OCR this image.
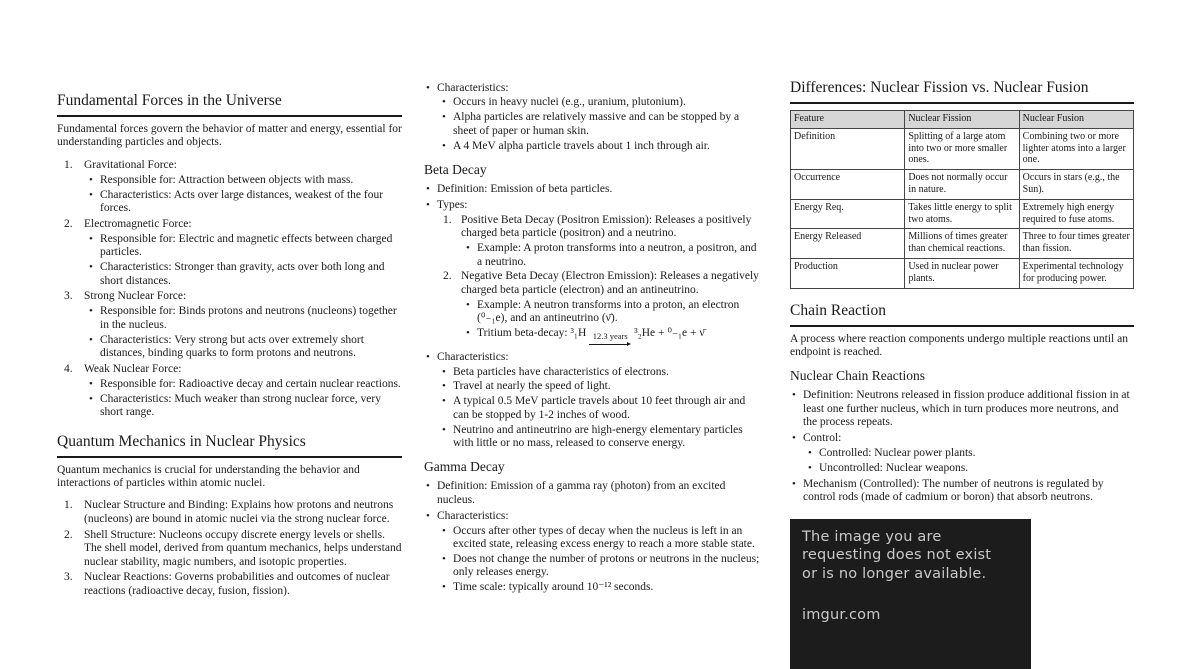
Fundamental Forces in the Universe
Fundamental forces govern the behavior of matter and energy, essential for understanding particles and objects.
1. Gravitational Force:
• Responsible for: Attraction between objects with mass.
• Characteristics: Acts over large distances, weakest of the four forces.
2. Electromagnetic Force:
• Responsible for: Electric and magnetic effects between charged particles.
• Characteristics: Stronger than gravity, acts over both long and short distances.
3. Strong Nuclear Force:
• Responsible for: Binds protons and neutrons (nucleons) together in the nucleus.
• Characteristics: Very strong but acts over extremely short distances, binding quarks to form protons and neutrons.
4. Weak Nuclear Force:
• Responsible for: Radioactive decay and certain nuclear reactions.
• Characteristics: Much weaker than strong nuclear force, very short range.
Quantum Mechanics in Nuclear Physics
Quantum mechanics is crucial for understanding the behavior and interactions of particles within atomic nuclei.
1. Nuclear Structure and Binding: Explains how protons and neutrons (nucleons) are bound in atomic nuclei via the strong nuclear force.
2. Shell Structure: Nucleons occupy discrete energy levels or shells. The shell model, derived from quantum mechanics, helps understand nuclear stability, magic numbers, and isotopic properties.
3. Nuclear Reactions: Governs probabilities and outcomes of nuclear reactions (radioactive decay, fusion, fission).
• Characteristics:
• Occurs in heavy nuclei (e.g., uranium, plutonium).
• Alpha particles are relatively massive and can be stopped by a sheet of paper or human skin.
• A 4 MeV alpha particle travels about 1 inch through air.
Beta Decay
• Definition: Emission of beta particles.
• Types:
1. Positive Beta Decay (Positron Emission): Releases a positively charged beta particle (positron) and a neutrino.
• Example: A proton transforms into a neutron, a positron, and a neutrino.
2. Negative Beta Decay (Electron Emission): Releases a negatively charged beta particle (electron) and an antineutrino.
• Example: A neutron transforms into a proton, an electron (⁰₋₁e), and an antineutrino (ν̄).
• Tritium beta-decay: ³₁H 12.3 years ³₂He + ⁰₋₁e + ν̄
• Characteristics:
• Beta particles have characteristics of electrons.
• Travel at nearly the speed of light.
• A typical 0.5 MeV particle travels about 10 feet through air and can be stopped by 1-2 inches of wood.
• Neutrino and antineutrino are high-energy elementary particles with little or no mass, released to conserve energy.
Gamma Decay
• Definition: Emission of a gamma ray (photon) from an excited nucleus.
• Characteristics:
• Occurs after other types of decay when the nucleus is left in an excited state, releasing excess energy to reach a more stable state.
• Does not change the number of protons or neutrons in the nucleus; only releases energy.
• Time scale: typically around 10⁻¹² seconds.
Differences: Nuclear Fission vs. Nuclear Fusion
Feature	Nuclear Fission	Nuclear Fusion
Definition	Splitting of a large atom into two or more smaller ones.	Combining two or more lighter atoms into a larger one.
Occurrence	Does not normally occur in nature.	Occurs in stars (e.g., the Sun).
Energy Req.	Takes little energy to split two atoms.	Extremely high energy required to fuse atoms.
Energy Released	Millions of times greater than chemical reactions.	Three to four times greater than fission.
Production	Used in nuclear power plants.	Experimental technology for producing power.
Chain Reaction
A process where reaction components undergo multiple reactions until an endpoint is reached.
Nuclear Chain Reactions
• Definition: Neutrons released in fission produce additional fission in at least one further nucleus, which in turn produces more neutrons, and the process repeats.
• Control:
• Controlled: Nuclear power plants.
• Uncontrolled: Nuclear weapons.
• Mechanism (Controlled): The number of neutrons is regulated by control rods (made of cadmium or boron) that absorb neutrons.
The image you are requesting does not exist or is no longer available.
imgur.com
